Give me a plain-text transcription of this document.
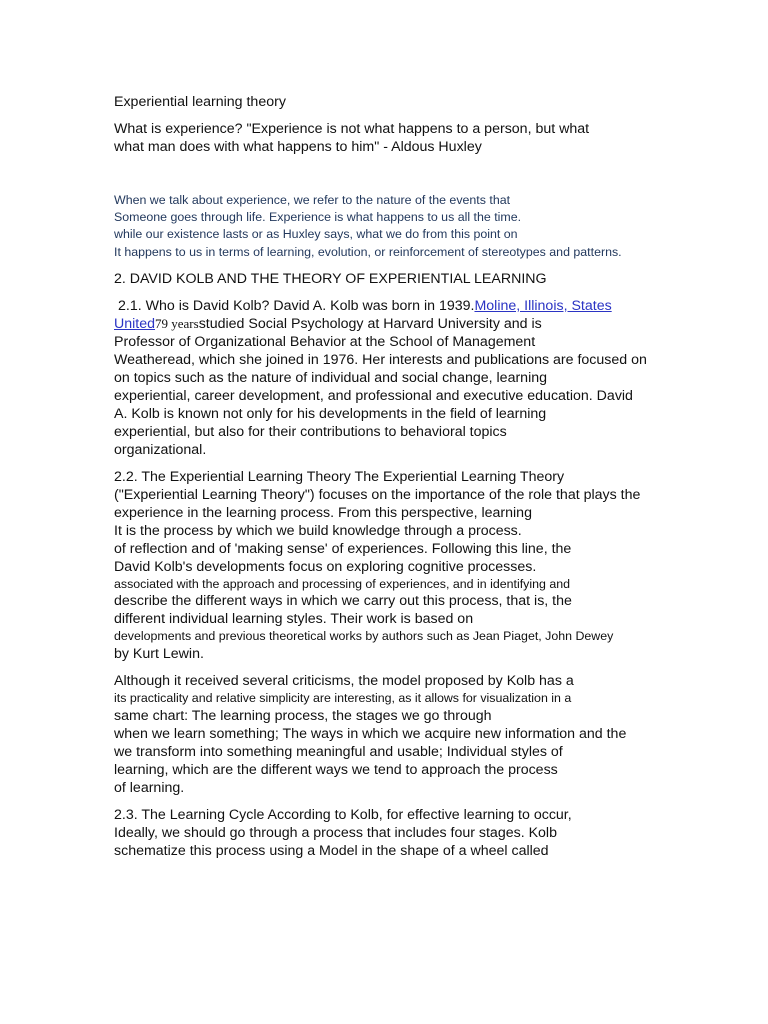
Experiential learning theory
What is experience? "Experience is not what happens to a person, but what
what man does with what happens to him" - Aldous Huxley
When we talk about experience, we refer to the nature of the events that
Someone goes through life. Experience is what happens to us all the time.
while our existence lasts or as Huxley says, what we do from this point on
It happens to us in terms of learning, evolution, or reinforcement of stereotypes and patterns.
2. DAVID KOLB AND THE THEORY OF EXPERIENTIAL LEARNING
2.1. Who is David Kolb? David A. Kolb was born in 1939.Moline, Illinois, States
United79 yearsstudied Social Psychology at Harvard University and is
Professor of Organizational Behavior at the School of Management
Weatheread, which she joined in 1976. Her interests and publications are focused on
on topics such as the nature of individual and social change, learning
experiential, career development, and professional and executive education. David
A. Kolb is known not only for his developments in the field of learning
experiential, but also for their contributions to behavioral topics
organizational.
2.2. The Experiential Learning Theory The Experiential Learning Theory
("Experiential Learning Theory") focuses on the importance of the role that plays the
experience in the learning process. From this perspective, learning
It is the process by which we build knowledge through a process.
of reflection and of 'making sense' of experiences. Following this line, the
David Kolb's developments focus on exploring cognitive processes.
associated with the approach and processing of experiences, and in identifying and
describe the different ways in which we carry out this process, that is, the
different individual learning styles. Their work is based on
developments and previous theoretical works by authors such as Jean Piaget, John Dewey
by Kurt Lewin.
Although it received several criticisms, the model proposed by Kolb has a
its practicality and relative simplicity are interesting, as it allows for visualization in a
same chart: The learning process, the stages we go through
when we learn something; The ways in which we acquire new information and the
we transform into something meaningful and usable; Individual styles of
learning, which are the different ways we tend to approach the process
of learning.
2.3. The Learning Cycle According to Kolb, for effective learning to occur,
Ideally, we should go through a process that includes four stages. Kolb
schematize this process using a Model in the shape of a wheel called
